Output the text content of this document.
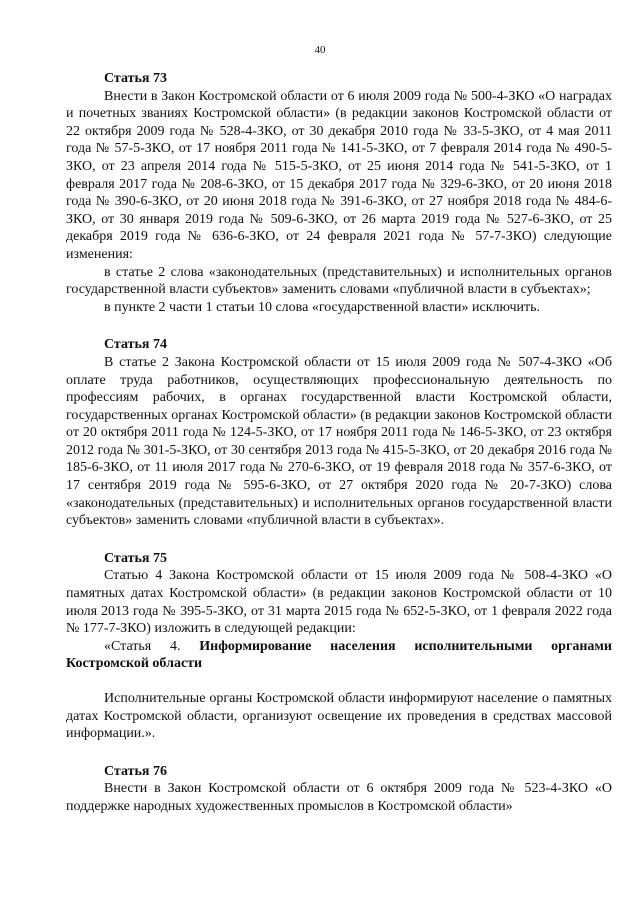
40

Статья 73

Внести в Закон Костромской области от 6 июля 2009 года № 500-4-ЗКО «О наградах и почетных званиях Костромской области» (в редакции законов Костромской области от 22 октября 2009 года № 528-4-ЗКО, от 30 декабря 2010 года № 33-5-ЗКО, от 4 мая 2011 года № 57-5-ЗКО, от 17 ноября 2011 года № 141-5-ЗКО, от 7 февраля 2014 года № 490-5-ЗКО, от 23 апреля 2014 года № 515-5-ЗКО, от 25 июня 2014 года № 541-5-ЗКО, от 1 февраля 2017 года № 208-6-ЗКО, от 15 декабря 2017 года № 329-6-ЗКО, от 20 июня 2018 года № 390-6-ЗКО, от 20 июня 2018 года № 391-6-ЗКО, от 27 ноября 2018 года № 484-6-ЗКО, от 30 января 2019 года № 509-6-ЗКО, от 26 марта 2019 года № 527-6-ЗКО, от 25 декабря 2019 года № 636-6-ЗКО, от 24 февраля 2021 года № 57-7-ЗКО) следующие изменения:

в статье 2 слова «законодательных (представительных) и исполнительных органов государственной власти субъектов» заменить словами «публичной власти в субъектах»;

в пункте 2 части 1 статьи 10 слова «государственной власти» исключить.

Статья 74

В статье 2 Закона Костромской области от 15 июля 2009 года № 507-4-ЗКО «Об оплате труда работников, осуществляющих профессиональную деятельность по профессиям рабочих, в органах государственной власти Костромской области, государственных органах Костромской области» (в редакции законов Костромской области от 20 октября 2011 года № 124-5-ЗКО, от 17 ноября 2011 года № 146-5-ЗКО, от 23 октября 2012 года № 301-5-ЗКО, от 30 сентября 2013 года № 415-5-ЗКО, от 20 декабря 2016 года № 185-6-ЗКО, от 11 июля 2017 года № 270-6-ЗКО, от 19 февраля 2018 года № 357-6-ЗКО, от 17 сентября 2019 года № 595-6-ЗКО, от 27 октября 2020 года № 20-7-ЗКО) слова «законодательных (представительных) и исполнительных органов государственной власти субъектов» заменить словами «публичной власти в субъектах».

Статья 75

Статью 4 Закона Костромской области от 15 июля 2009 года № 508-4-ЗКО «О памятных датах Костромской области» (в редакции законов Костромской области от 10 июля 2013 года № 395-5-ЗКО, от 31 марта 2015 года № 652-5-ЗКО, от 1 февраля 2022 года № 177-7-ЗКО) изложить в следующей редакции:

«Статья 4. Информирование населения исполнительными органами Костромской области

Исполнительные органы Костромской области информируют население о памятных датах Костромской области, организуют освещение их проведения в средствах массовой информации.».

Статья 76

Внести в Закон Костромской области от 6 октября 2009 года № 523-4-ЗКО «О поддержке народных художественных промыслов в Костромской области»
